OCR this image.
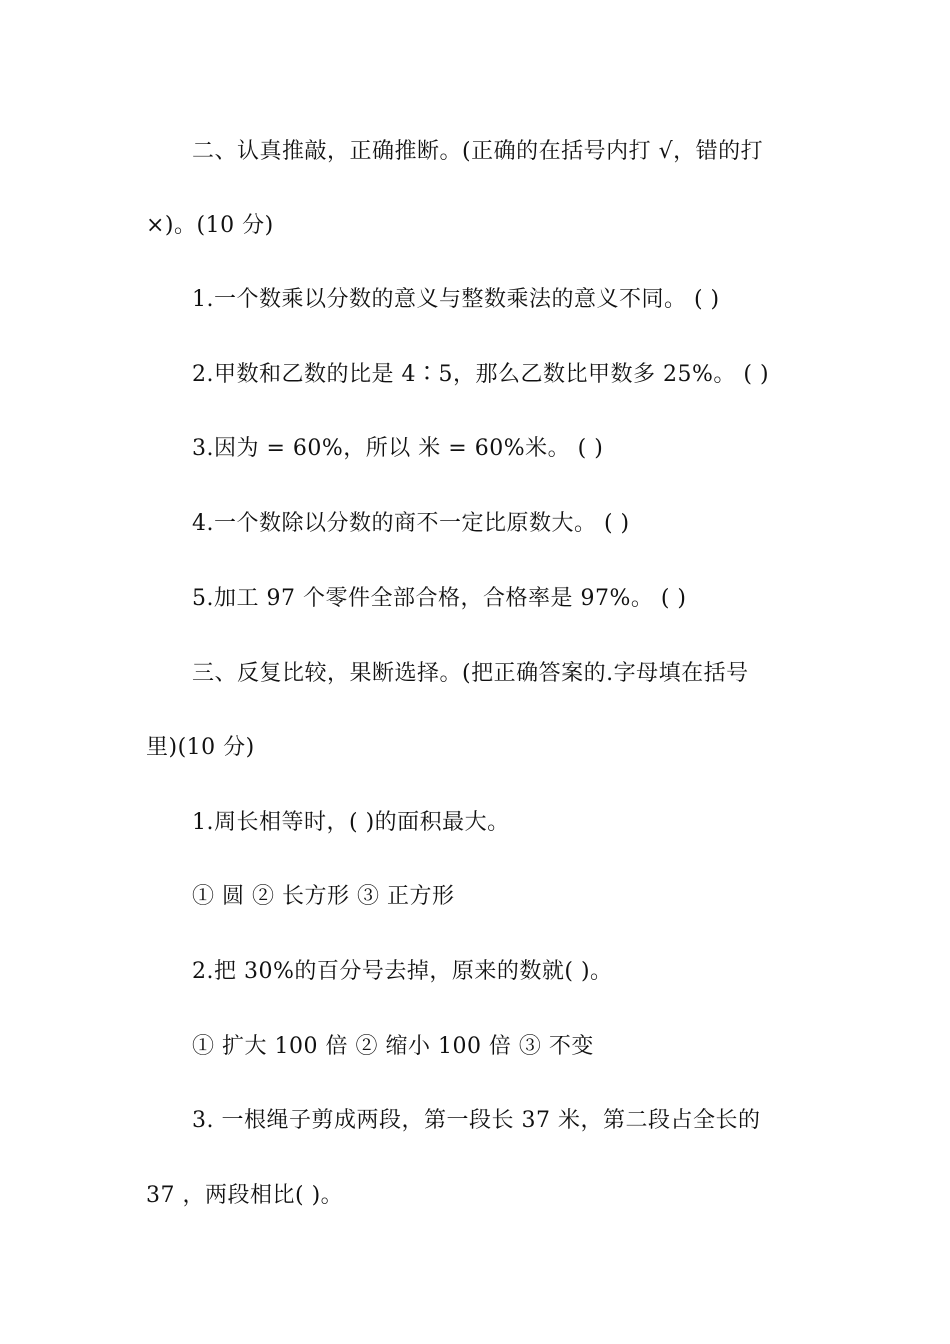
二、认真推敲，正确推断。(正确的在括号内打 √，错的打
×)。(10 分)
1.一个数乘以分数的意义与整数乘法的意义不同。 ( )
2.甲数和乙数的比是 4∶5，那么乙数比甲数多 25%。 ( )
3.因为 = 60%，所以 米 = 60%米。 ( )
4.一个数除以分数的商不一定比原数大。 ( )
5.加工 97 个零件全部合格，合格率是 97%。 ( )
三、反复比较，果断选择。(把正确答案的.字母填在括号
里)(10 分)
1.周长相等时，( )的面积最大。
① 圆 ② 长方形 ③ 正方形
2.把 30%的百分号去掉，原来的数就( )。
① 扩大 100 倍 ② 缩小 100 倍 ③ 不变
3. 一根绳子剪成两段，第一段长 37 米，第二段占全长的
37 ，两段相比( )。
